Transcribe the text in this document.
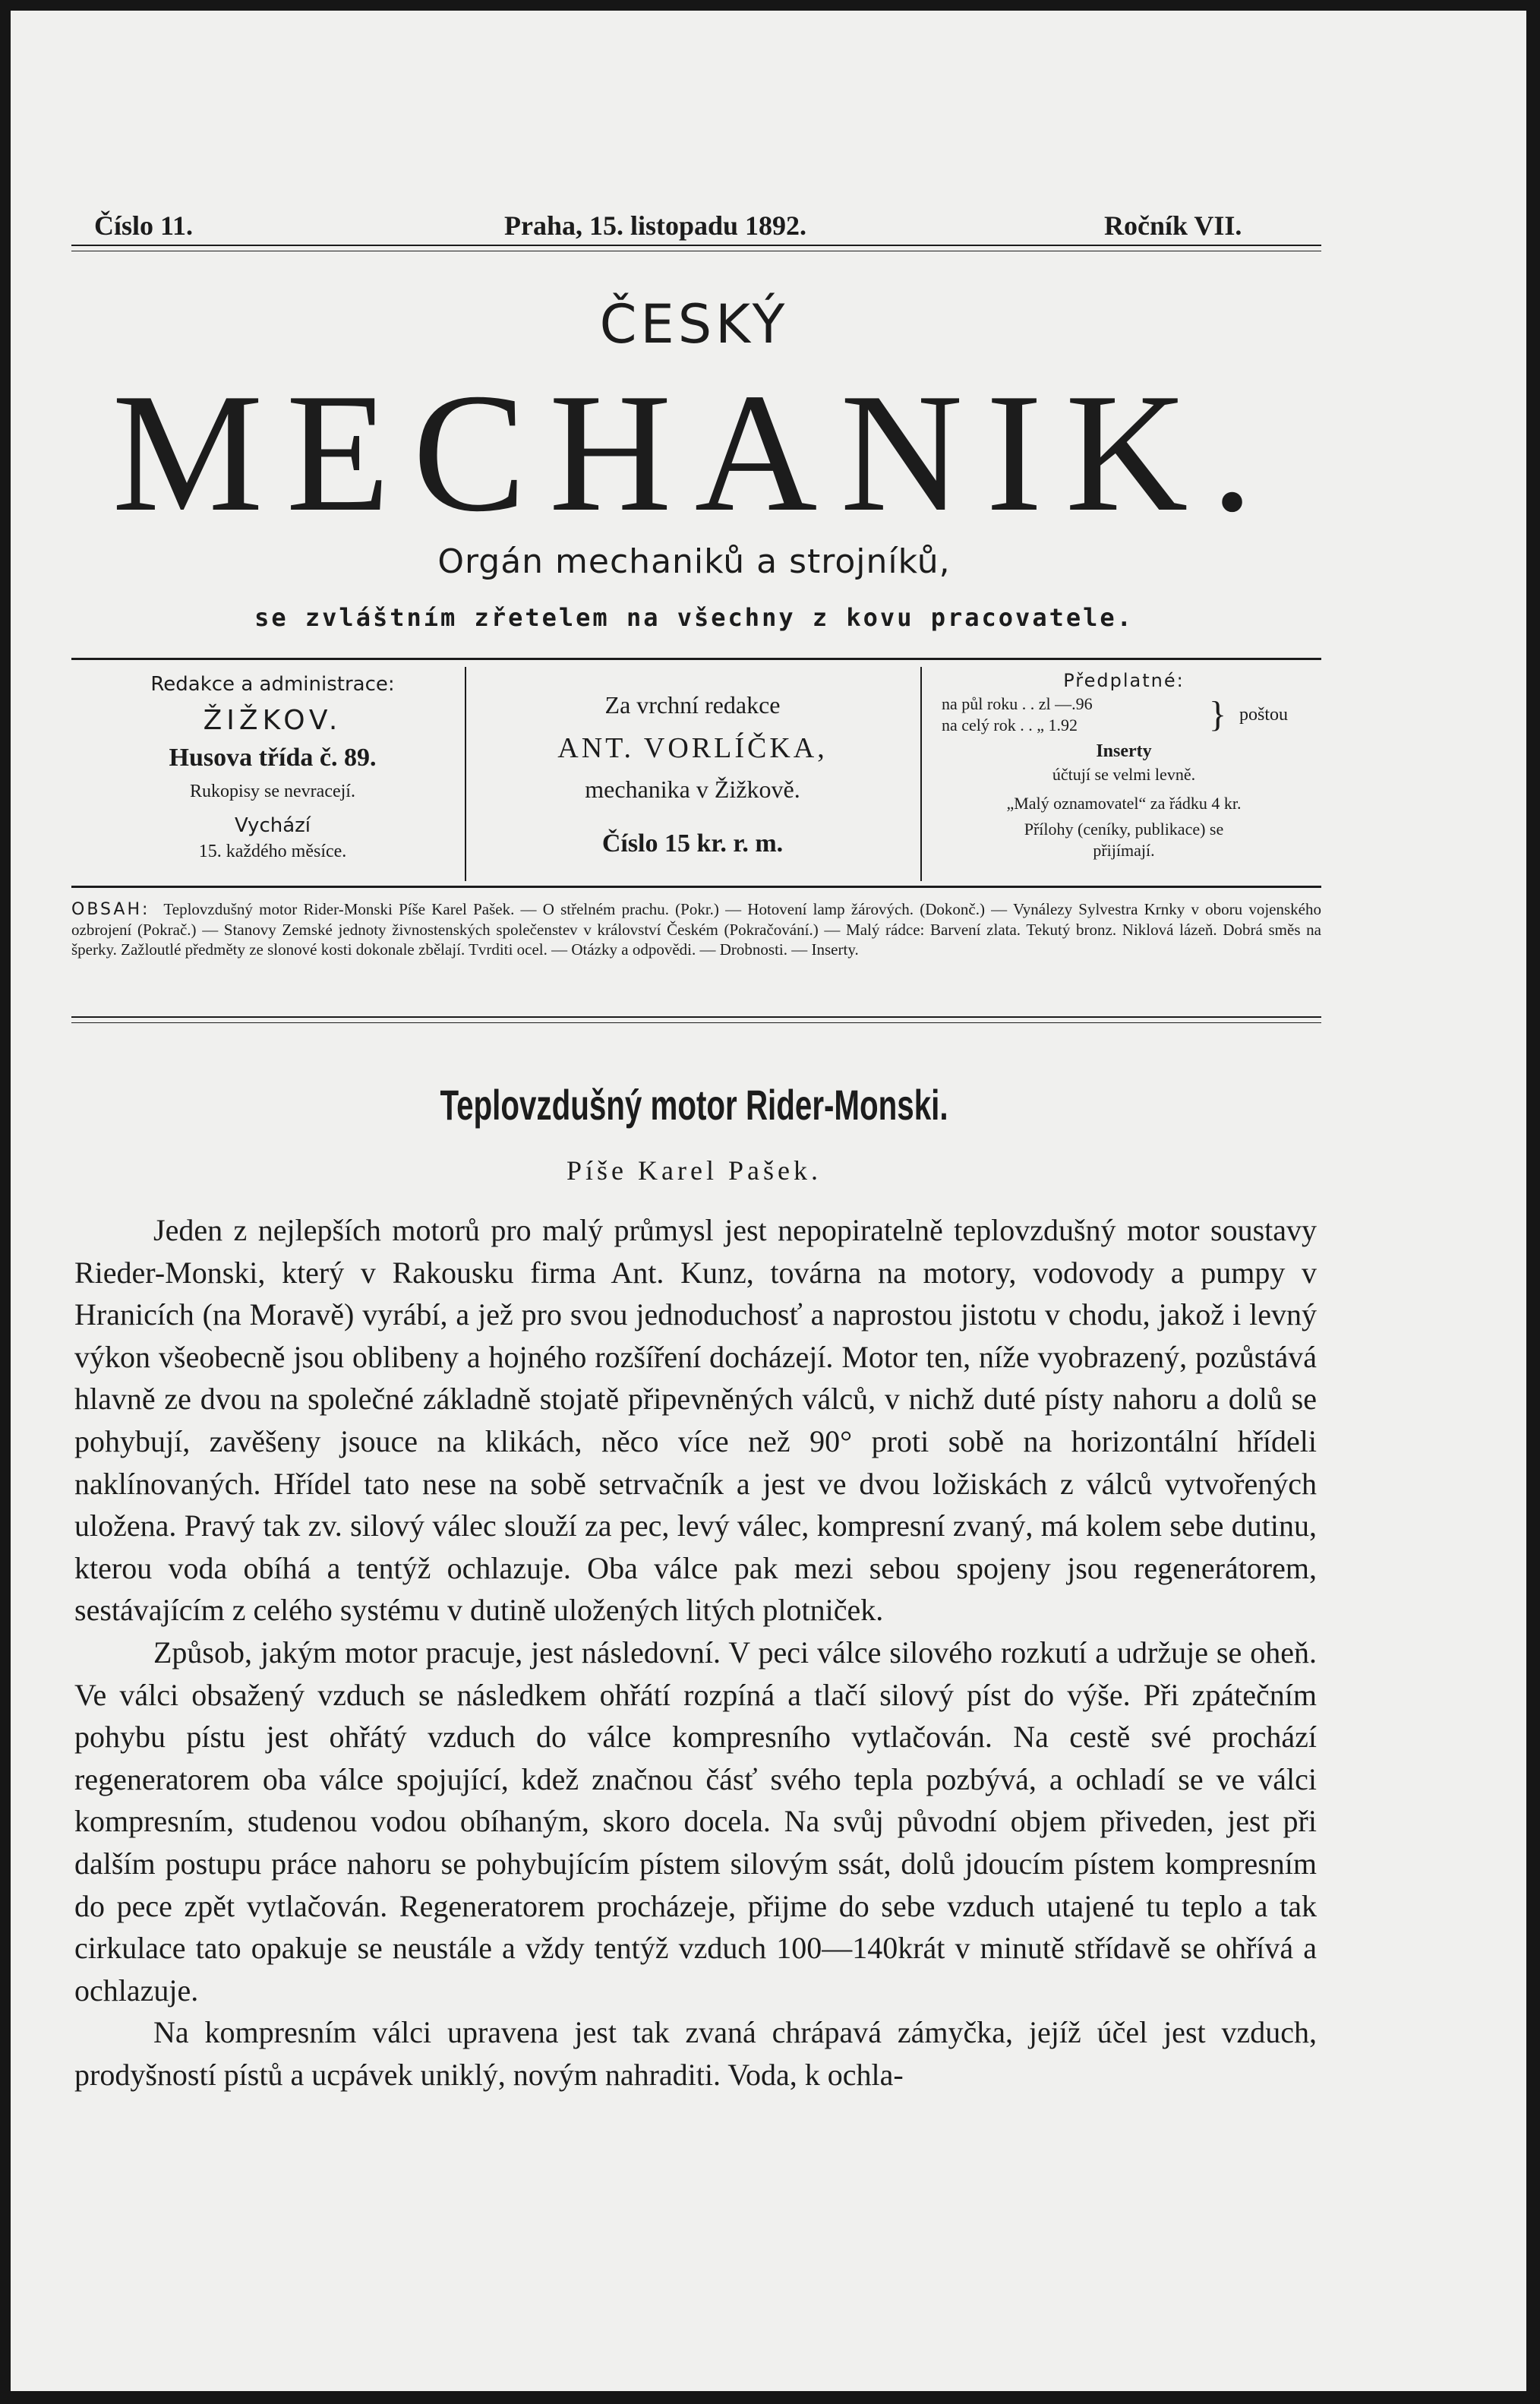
Číslo 11.	Praha, 15. listopadu 1892.	Ročník VII.
ČESKÝ
MECHANIK.
Orgán mechaniků a strojníků,
se zvláštním zřetelem na všechny z kovu pracovatele.
Redakce a administrace:
ŽIŽKOV.
Husova třída č. 89.
Rukopisy se nevracejí.
Vychází
15. každého měsíce.
Za vrchní redakce
ANT. VORLÍČKA,
mechanika v Žižkově.
Číslo 15 kr. r. m.
Předplatné:
na půl roku . . zl —.96
na celý rok . . „ 1.92	} poštou
Inserty
účtují se velmi levně.
„Malý oznamovatel“ za řádku 4 kr.
Přílohy (ceníky, publikace) se
přijímají.
OBSAH: Teplovzdušný motor Rider-Monski Píše Karel Pašek. — O střelném prachu. (Pokr.) — Hotovení lamp žárových. (Dokonč.) — Vynálezy Sylvestra Krnky v oboru vojenského ozbrojení (Pokrač.) — Stanovy Zemské jednoty živnostenských společenstev v království Českém (Pokračování.) — Malý rádce: Barvení zlata. Tekutý bronz. Niklová lázeň. Dobrá směs na šperky. Zažloutlé předměty ze slonové kosti dokonale zbělají. Tvrditi ocel. — Otázky a odpovědi. — Drobnosti. — Inserty.
Teplovzdušný motor Rider-Monski.
Píše Karel Pašek.

Jeden z nejlepších motorů pro malý průmysl jest nepopiratelně teplovzdušný motor soustavy Rieder-Monski, který v Rakousku firma Ant. Kunz, továrna na motory, vodovody a pumpy v Hranicích (na Moravě) vyrábí, a jež pro svou jednoduchosť a naprostou jistotu v chodu, jakož i levný výkon všeobecně jsou oblibeny a hojného rozšíření docházejí. Motor ten, níže vyobrazený, pozůstává hlavně ze dvou na společné základně stojatě připevněných válců, v nichž duté písty nahoru a dolů se pohybují, zavěšeny jsouce na klikách, něco více než 90° proti sobě na horizontální hřídeli naklínovaných. Hřídel tato nese na sobě setrvačník a jest ve dvou ložiskách z válců vytvořených uložena. Pravý tak zv. silový válec slouží za pec, levý válec, kompresní zvaný, má kolem sebe dutinu, kterou voda obíhá a tentýž ochlazuje. Oba válce pak mezi sebou spojeny jsou regenerátorem, sestávajícím z celého systému v dutině uložených litých plotniček.

Způsob, jakým motor pracuje, jest následovní. V peci válce silového rozkutí a udržuje se oheň. Ve válci obsažený vzduch se následkem ohřátí rozpíná a tlačí silový píst do výše. Při zpátečním pohybu pístu jest ohřátý vzduch do válce kompresního vytlačován. Na cestě své prochází regeneratorem oba válce spojující, kdež značnou čásť svého tepla pozbývá, a ochladí se ve válci kompresním, studenou vodou obíhaným, skoro docela. Na svůj původní objem přiveden, jest při dalším postupu práce nahoru se pohybujícím pístem silovým ssát, dolů jdoucím pístem kompresním do pece zpět vytlačován. Regeneratorem procházeje, přijme do sebe vzduch utajené tu teplo a tak cirkulace tato opakuje se neustále a vždy tentýž vzduch 100—140krát v minutě střídavě se ohřívá a ochlazuje.

Na kompresním válci upravena jest tak zvaná chrápavá zámyčka, jejíž účel jest vzduch, prodyšností pístů a ucpávek uniklý, novým nahraditi. Voda, k ochla-
